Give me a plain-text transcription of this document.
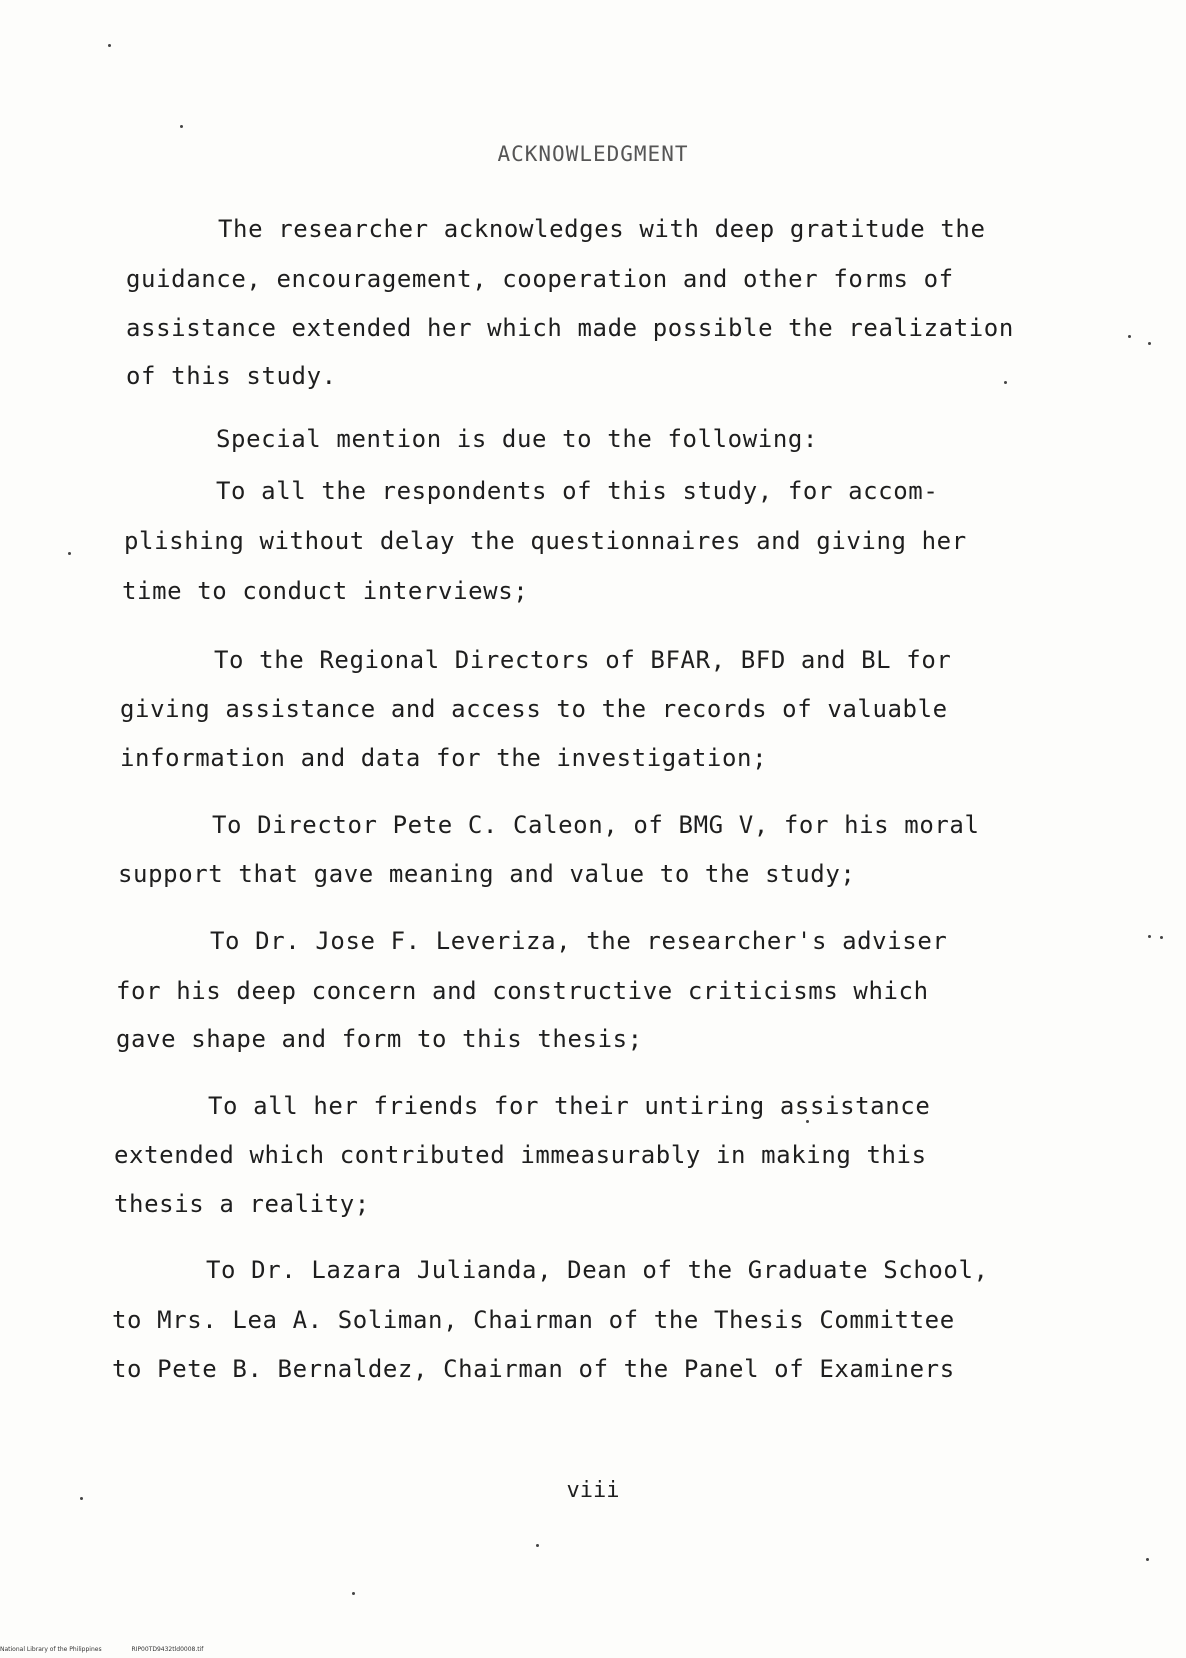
ACKNOWLEDGMENT
The researcher acknowledges with deep gratitude the
guidance, encouragement, cooperation and other forms of
assistance extended her which made possible the realization
of this study.
Special mention is due to the following:
To all the respondents of this study, for accom-
plishing without delay the questionnaires and giving her
time to conduct interviews;
To the Regional Directors of BFAR, BFD and BL for
giving assistance and access to the records of valuable
information and data for the investigation;
To Director Pete C. Caleon, of BMG V, for his moral
support that gave meaning and value to the study;
To Dr. Jose F. Leveriza, the researcher's adviser
for his deep concern and constructive criticisms which
gave shape and form to this thesis;
To all her friends for their untiring assistance
extended which contributed immeasurably in making this
thesis a reality;
To Dr. Lazara Julianda, Dean of the Graduate School,
to Mrs. Lea A. Soliman, Chairman of the Thesis Committee
to Pete B. Bernaldez, Chairman of the Panel of Examiners
viii
National Library of the Philippines	RIP00TD9432tld0008.tif
